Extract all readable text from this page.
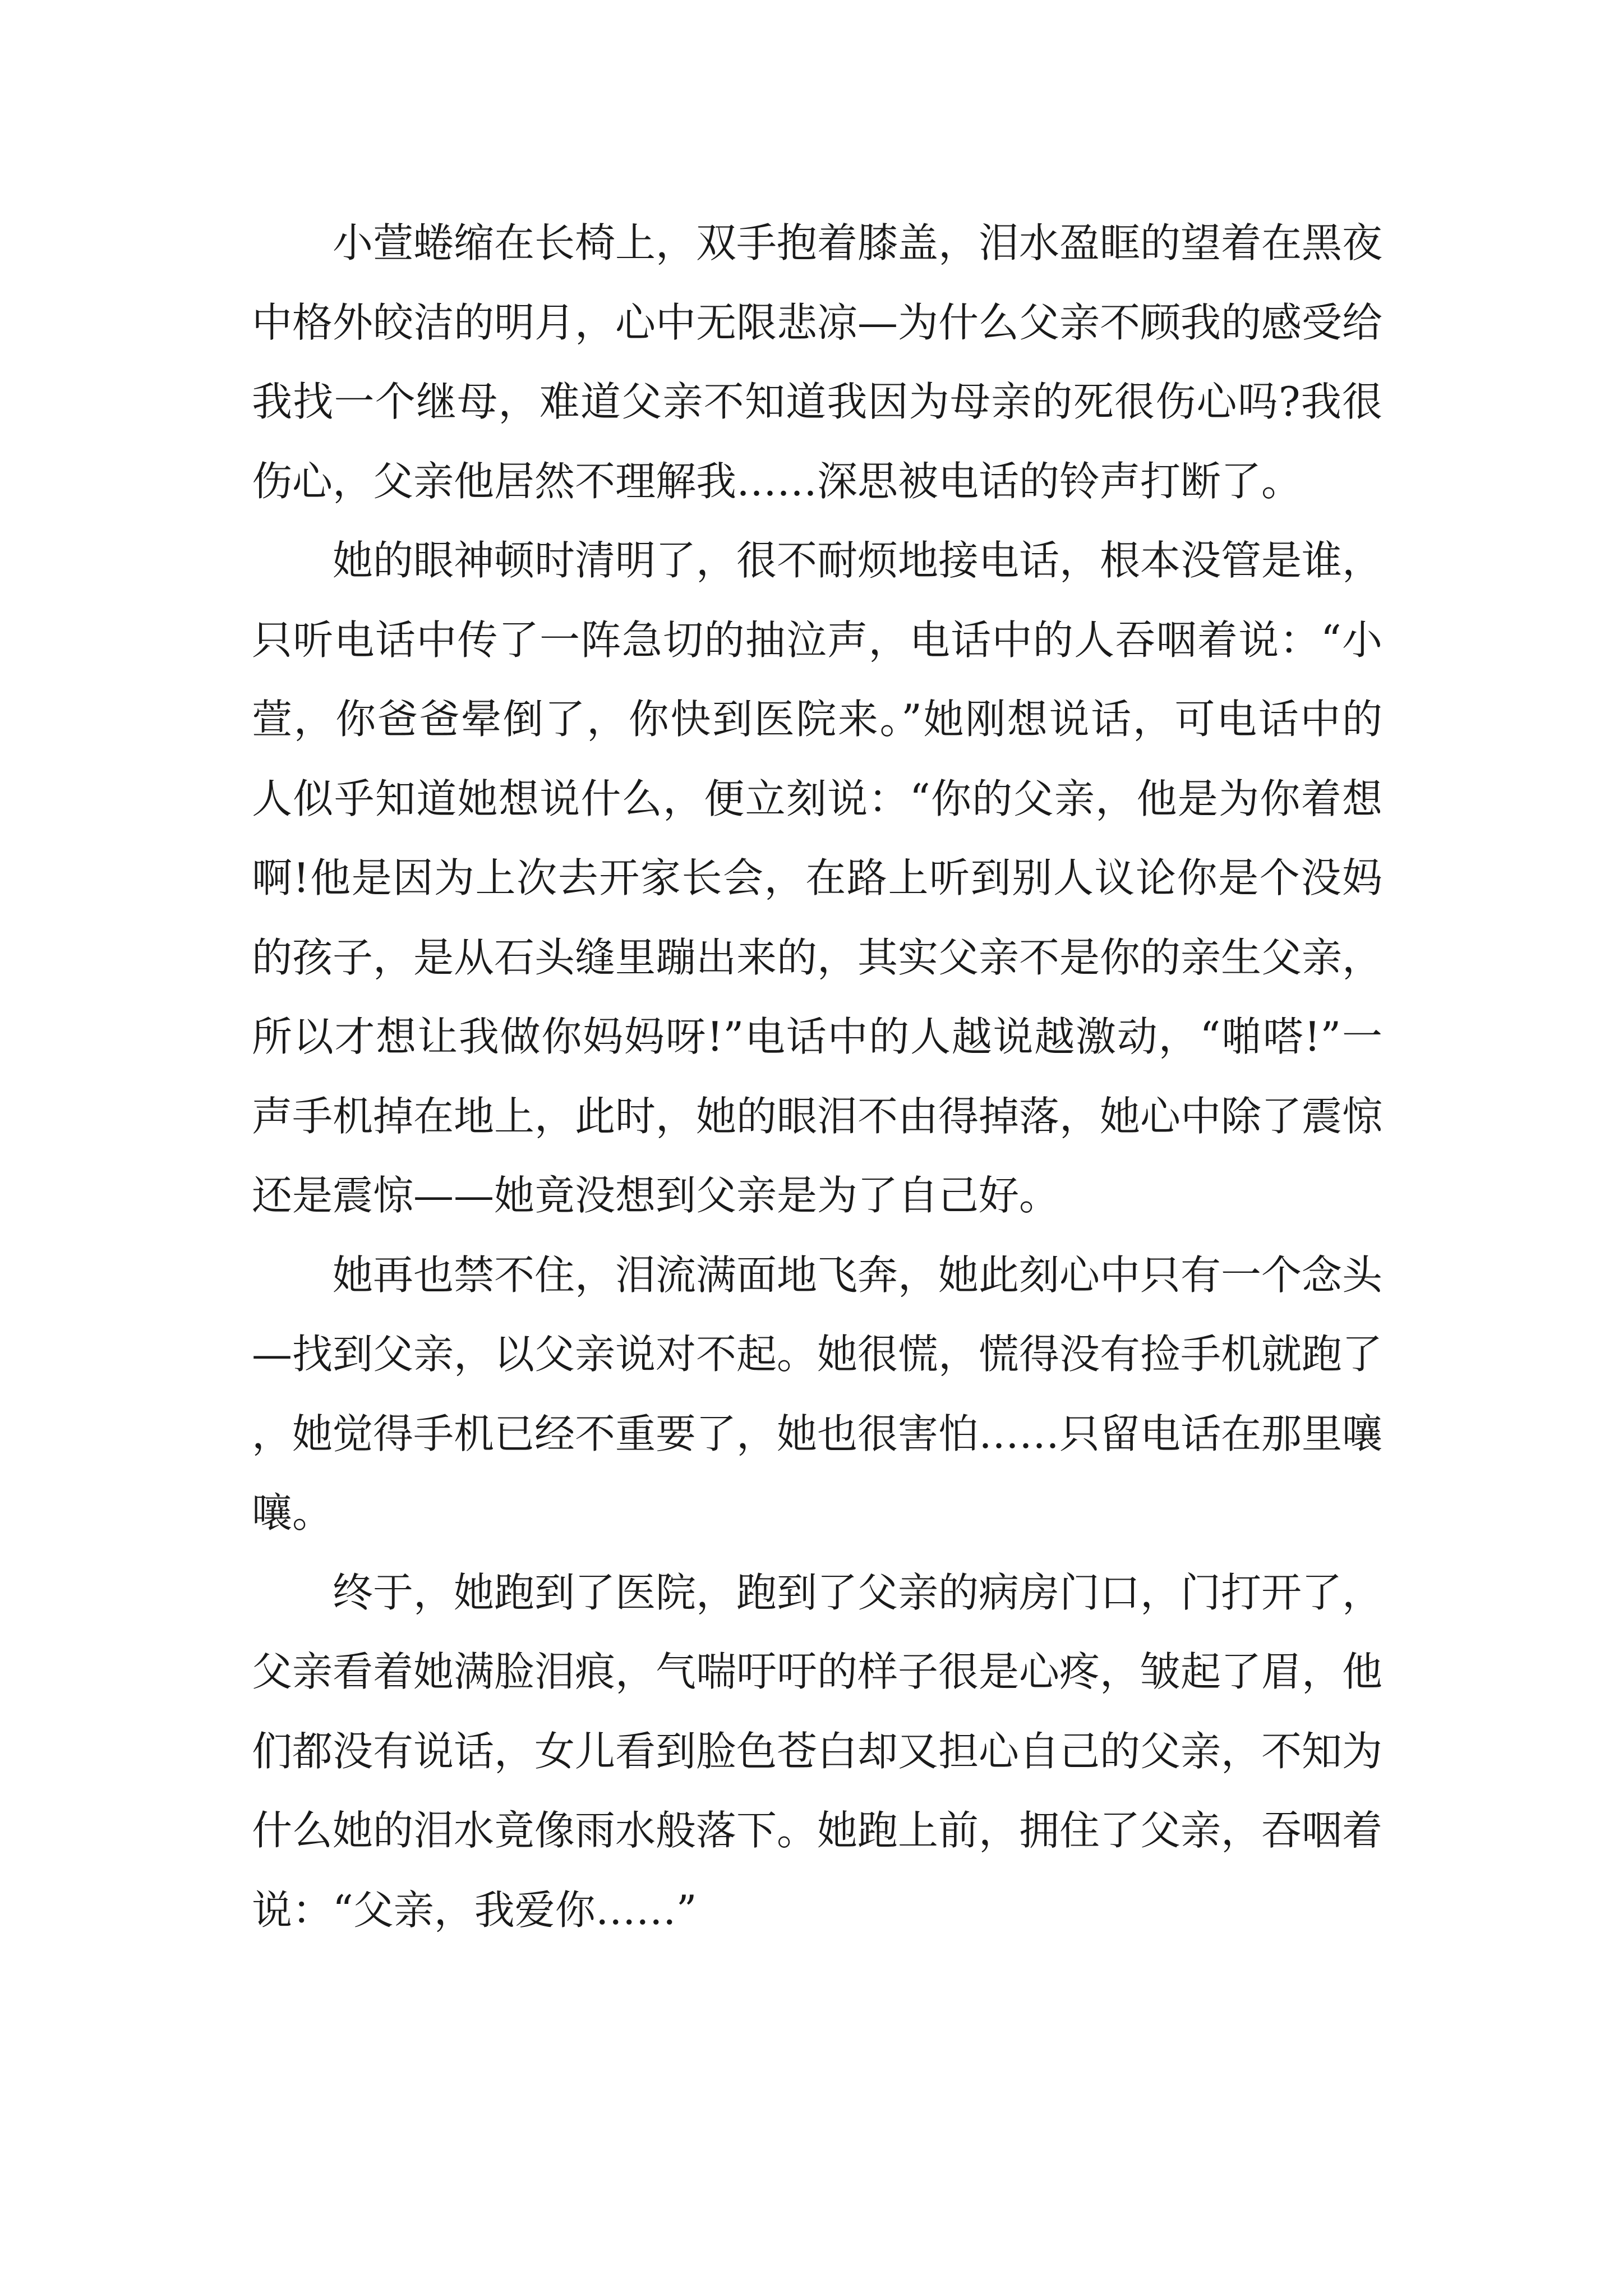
小萱蜷缩在长椅上，双手抱着膝盖，泪水盈眶的望着在黑夜中格外皎洁的明月，心中无限悲凉—为什么父亲不顾我的感受给我找一个继母，难道父亲不知道我因为母亲的死很伤心吗?我很伤心，父亲他居然不理解我……深思被电话的铃声打断了。

她的眼神顿时清明了，很不耐烦地接电话，根本没管是谁，只听电话中传了一阵急切的抽泣声，电话中的人吞咽着说：“小萱，你爸爸晕倒了，你快到医院来。”她刚想说话，可电话中的人似乎知道她想说什么，便立刻说：“你的父亲，他是为你着想啊!他是因为上次去开家长会，在路上听到别人议论你是个没妈的孩子，是从石头缝里蹦出来的，其实父亲不是你的亲生父亲，所以才想让我做你妈妈呀!”电话中的人越说越激动，“啪嗒!”一声手机掉在地上，此时，她的眼泪不由得掉落，她心中除了震惊还是震惊——她竟没想到父亲是为了自己好。

她再也禁不住，泪流满面地飞奔，她此刻心中只有一个念头—找到父亲，以父亲说对不起。她很慌，慌得没有捡手机就跑了，她觉得手机已经不重要了，她也很害怕……只留电话在那里嚷嚷。

终于，她跑到了医院，跑到了父亲的病房门口，门打开了，父亲看着她满脸泪痕，气喘吁吁的样子很是心疼，皱起了眉，他们都没有说话，女儿看到脸色苍白却又担心自己的父亲，不知为什么她的泪水竟像雨水般落下。她跑上前，拥住了父亲，吞咽着说：“父亲，我爱你……”
